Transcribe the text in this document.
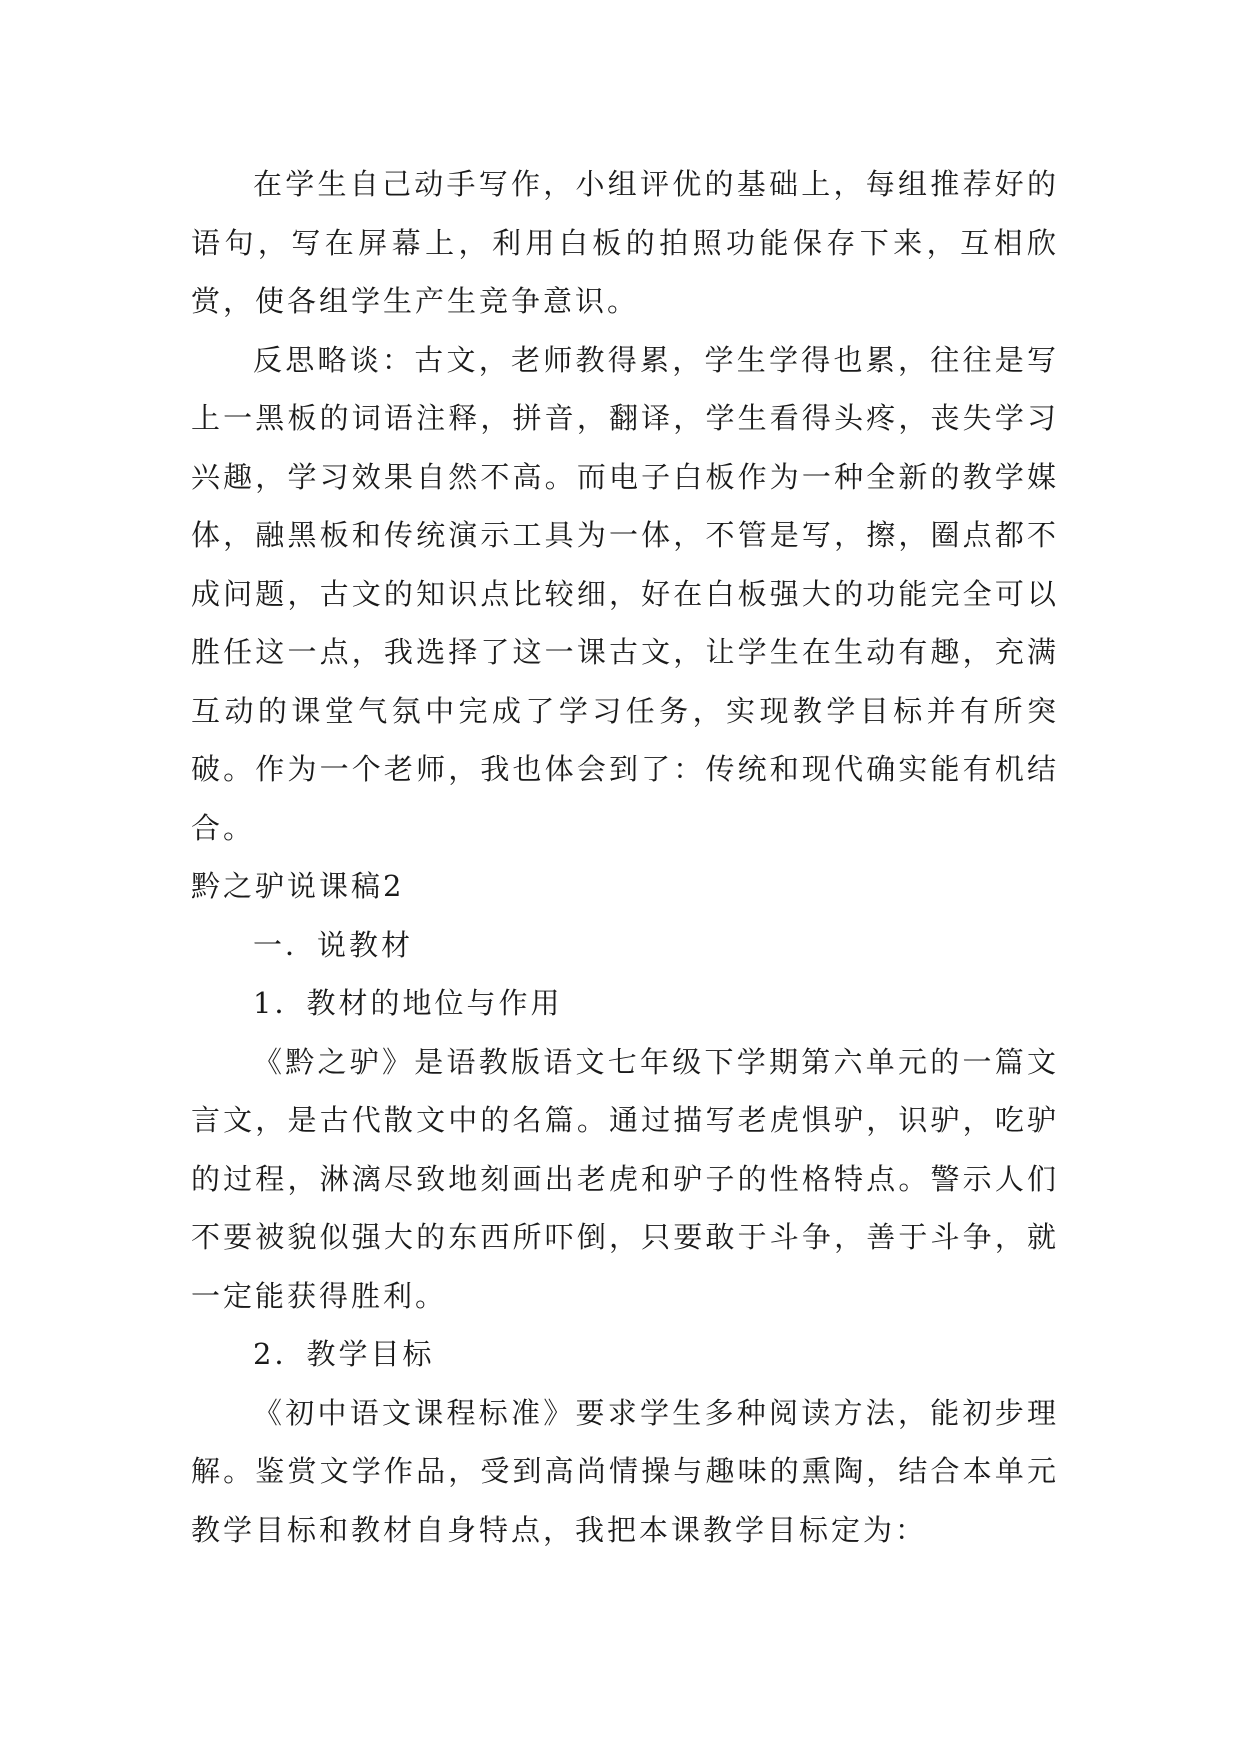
在学生自己动手写作，小组评优的基础上，每组推荐好的语句，写在屏幕上，利用白板的拍照功能保存下来，互相欣赏，使各组学生产生竞争意识。

反思略谈：古文，老师教得累，学生学得也累，往往是写上一黑板的词语注释，拼音，翻译，学生看得头疼，丧失学习兴趣，学习效果自然不高。而电子白板作为一种全新的教学媒体，融黑板和传统演示工具为一体，不管是写，擦，圈点都不成问题，古文的知识点比较细，好在白板强大的功能完全可以胜任这一点，我选择了这一课古文，让学生在生动有趣，充满互动的课堂气氛中完成了学习任务，实现教学目标并有所突破。作为一个老师，我也体会到了：传统和现代确实能有机结合。

黔之驴说课稿2

一．说教材

1．教材的地位与作用

《黔之驴》是语教版语文七年级下学期第六单元的一篇文言文，是古代散文中的名篇。通过描写老虎惧驴，识驴，吃驴的过程，淋漓尽致地刻画出老虎和驴子的性格特点。警示人们不要被貌似强大的东西所吓倒，只要敢于斗争，善于斗争，就一定能获得胜利。

2．教学目标

《初中语文课程标准》要求学生多种阅读方法，能初步理解。鉴赏文学作品，受到高尚情操与趣味的熏陶，结合本单元教学目标和教材自身特点，我把本课教学目标定为：
